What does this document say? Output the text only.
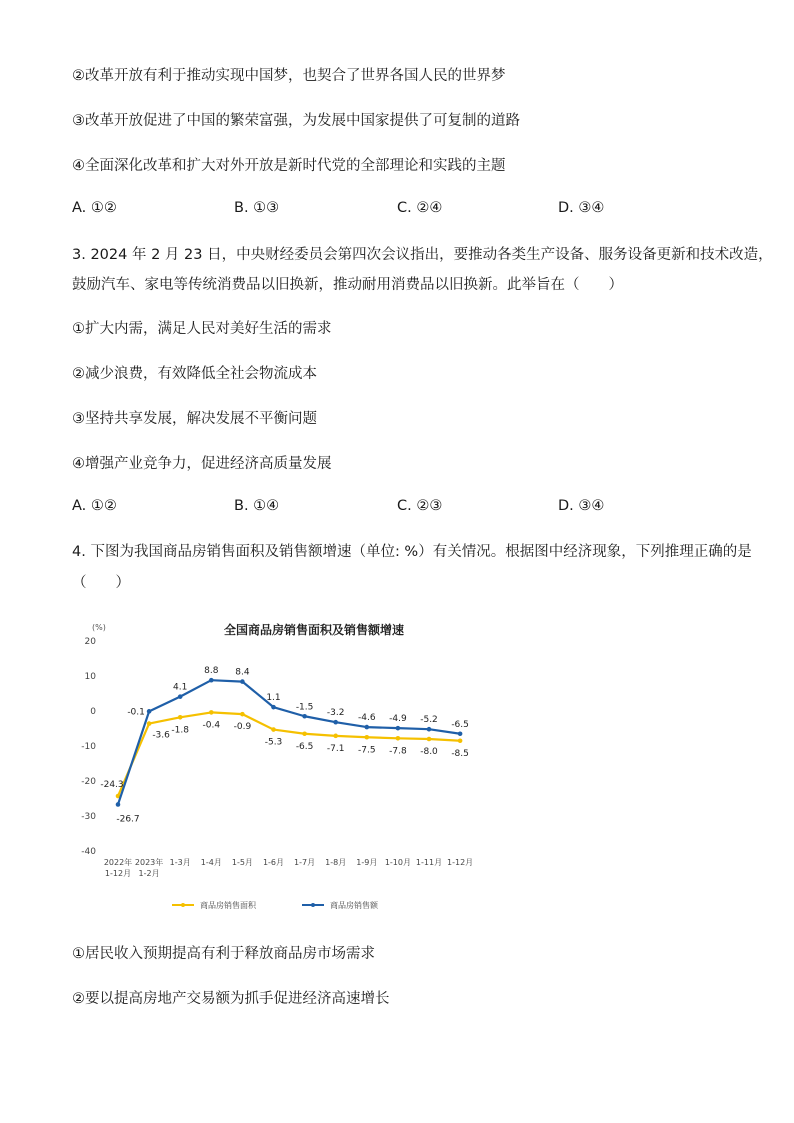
②改革开放有利于推动实现中国梦，也契合了世界各国人民的世界梦
③改革开放促进了中国的繁荣富强，为发展中国家提供了可复制的道路
④全面深化改革和扩大对外开放是新时代党的全部理论和实践的主题
A. ①②	B. ①③	C. ②④	D. ③④
3. 2024 年 2 月 23 日，中央财经委员会第四次会议指出，要推动各类生产设备、服务设备更新和技术改造，
鼓励汽车、家电等传统消费品以旧换新，推动耐用消费品以旧换新。此举旨在（　　）
①扩大内需，满足人民对美好生活的需求
②减少浪费，有效降低全社会物流成本
③坚持共享发展，解决发展不平衡问题
④增强产业竞争力，促进经济高质量发展
A. ①②	B. ①④	C. ②③	D. ③④
4. 下图为我国商品房销售面积及销售额增速（单位: %）有关情况。根据图中经济现象，下列推理正确的是
（　　）
全国商品房销售面积及销售额增速
(%)
20
10
0
-10
-20
-30
-40
2022年
1-12月
2023年
1-2月
1-3月 1-4月 1-5月 1-6月 1-7月 1-8月 1-9月 1-10月 1-11月 1-12月
-24.3
-3.6
-1.8 -0.4 -0.9
-5.3 -6.5 -7.1 -7.5 -7.8 -8.0 -8.5
-26.7
-0.1
4.1
8.8 8.4
1.1
-1.5
-3.2 -4.6 -4.9 -5.2 -6.5
商品房销售面积	商品房销售额
①居民收入预期提高有利于释放商品房市场需求
②要以提高房地产交易额为抓手促进经济高速增长
